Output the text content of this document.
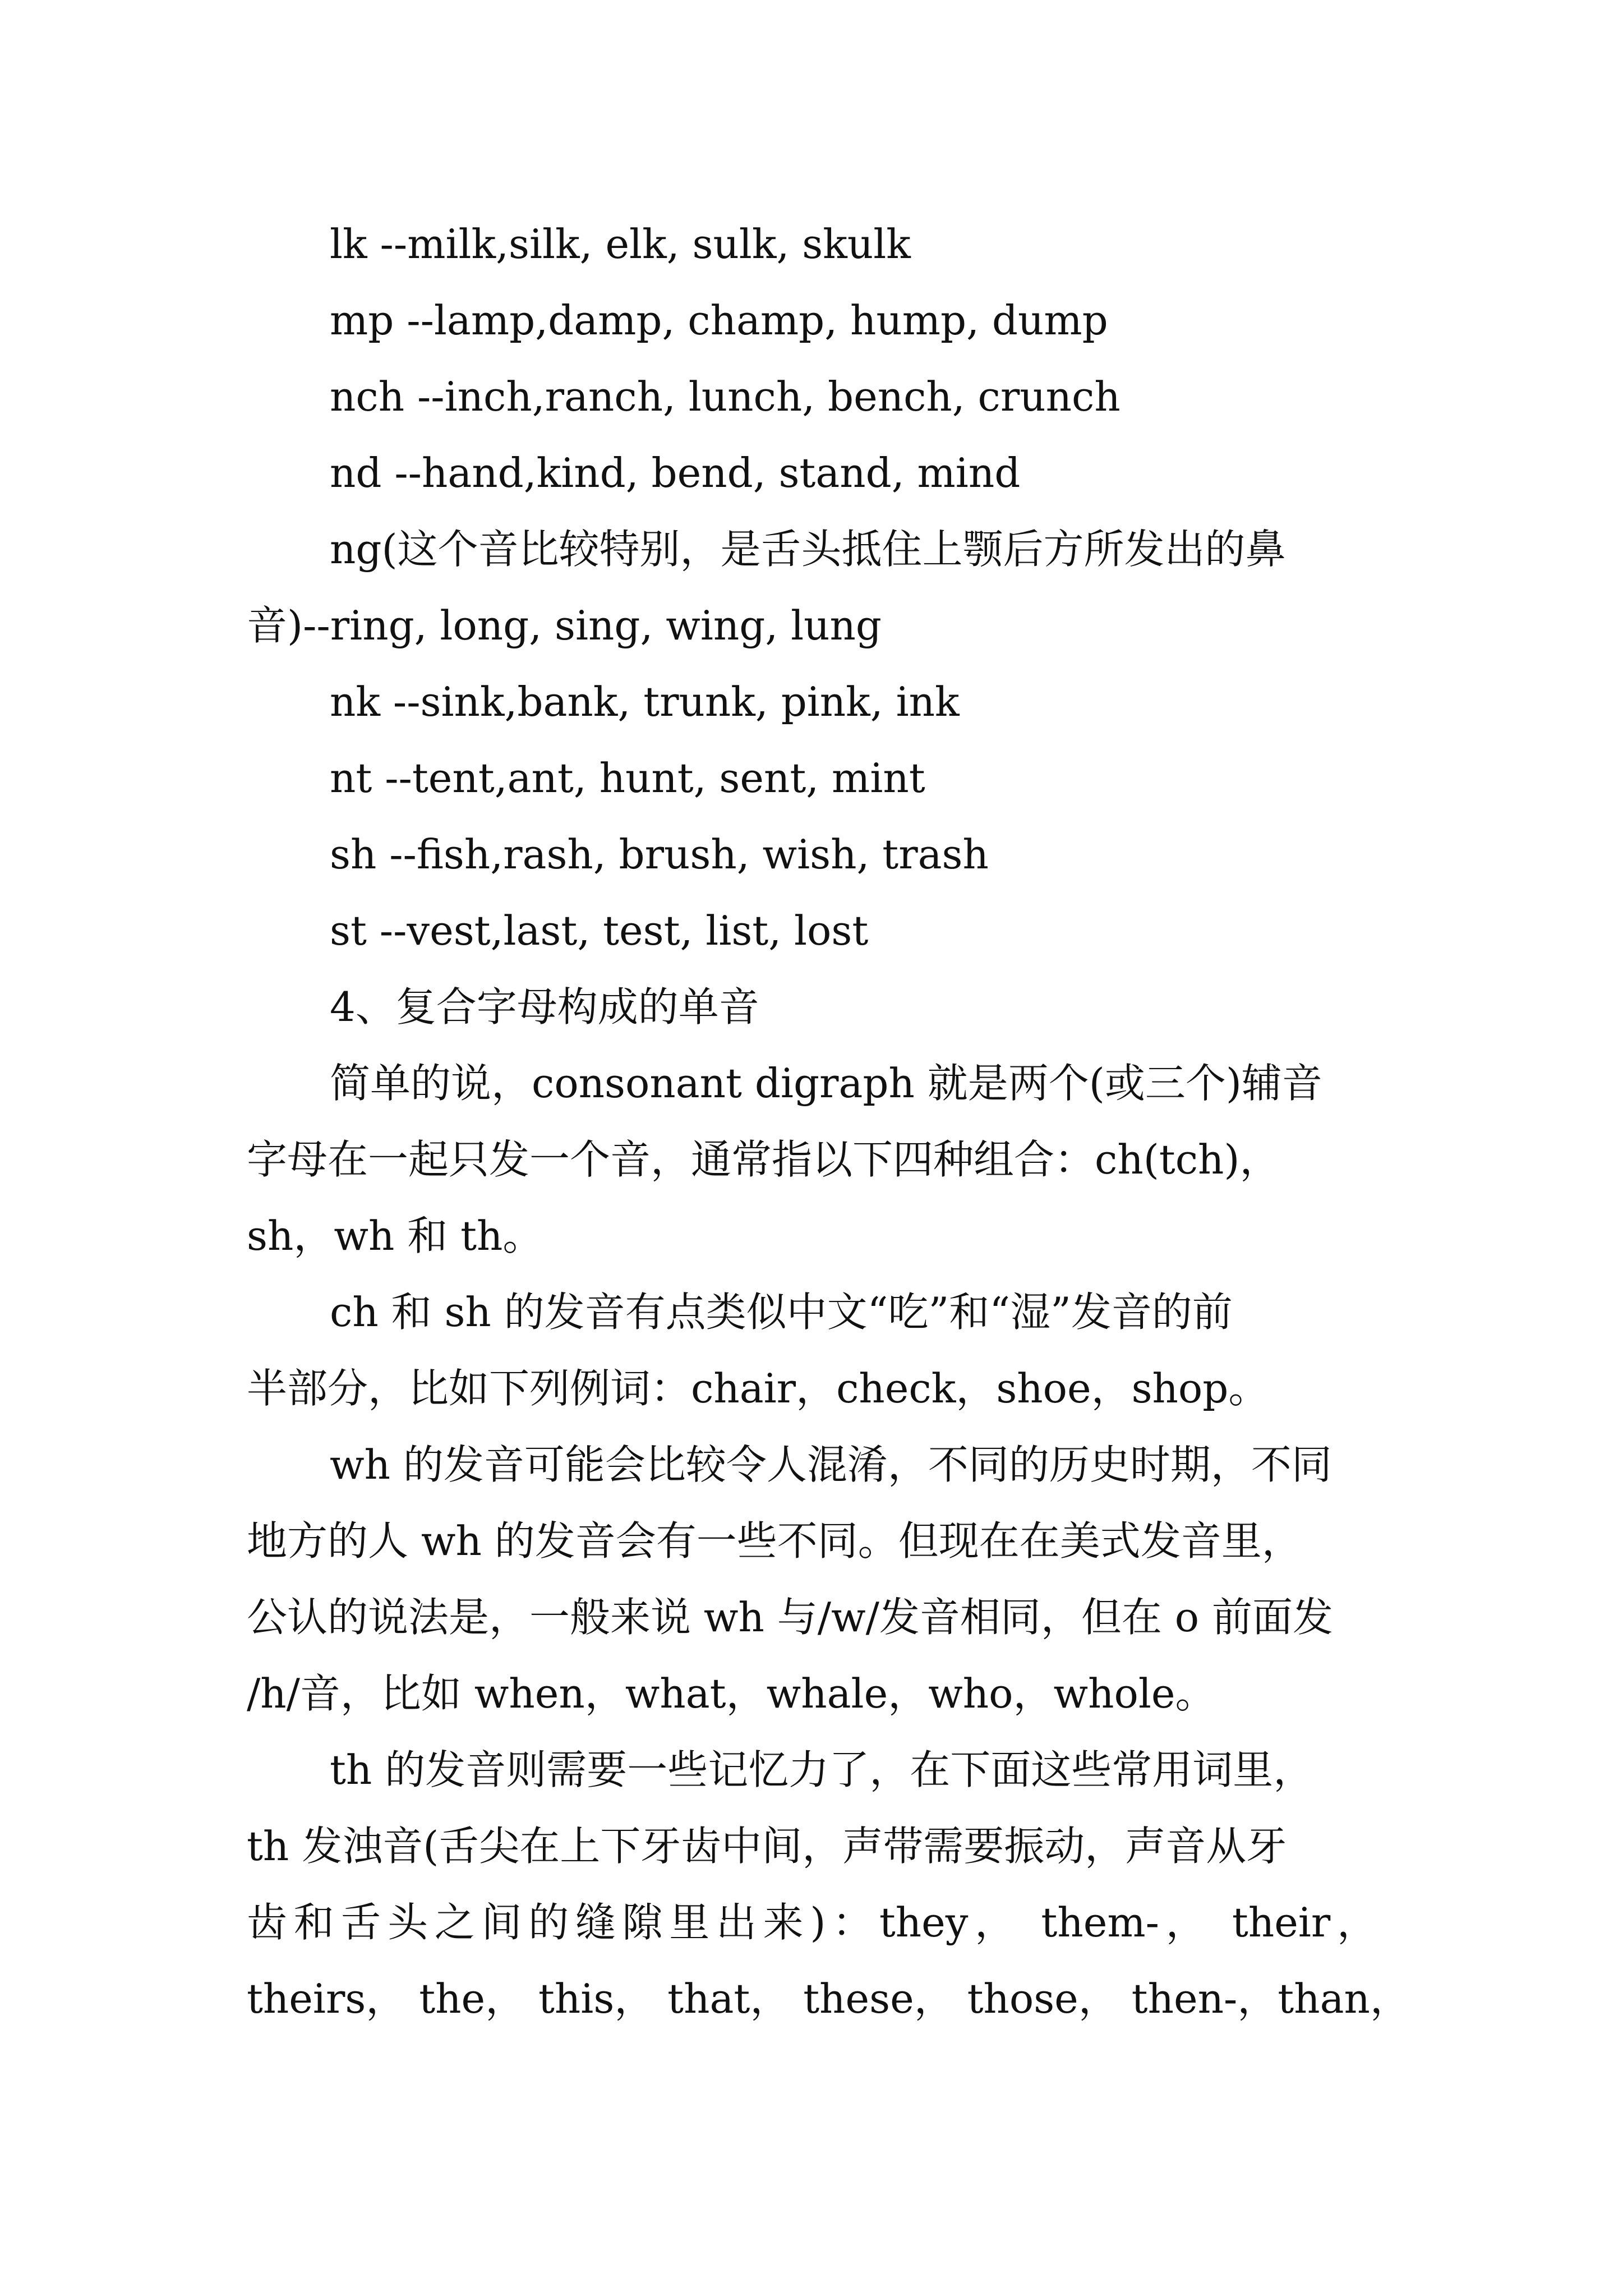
lk --milk,silk, elk, sulk, skulk

mp --lamp,damp, champ, hump, dump

nch --inch,ranch, lunch, bench, crunch

nd --hand,kind, bend, stand, mind

ng(这个音比较特别，是舌头抵住上颚后方所发出的鼻

音)--ring, long, sing, wing, lung

nk --sink,bank, trunk, pink, ink

nt --tent,ant, hunt, sent, mint

sh --fish,rash, brush, wish, trash

st --vest,last, test, list, lost

4、复合字母构成的单音

简单的说，consonant digraph 就是两个(或三个)辅音

字母在一起只发一个音，通常指以下四种组合：ch(tch)，

sh，wh 和 th。

ch 和 sh 的发音有点类似中文“吃”和“湿”发音的前

半部分，比如下列例词：chair，check，shoe，shop。

wh 的发音可能会比较令人混淆，不同的历史时期，不同

地方的人 wh 的发音会有一些不同。但现在在美式发音里，

公认的说法是，一般来说 wh 与/w/发音相同，但在 o 前面发

/h/音，比如 when，what，whale，who，whole。

th 的发音则需要一些记忆力了，在下面这些常用词里，

th 发浊音(舌尖在上下牙齿中间，声带需要振动，声音从牙

齿和舌头之间的缝隙里出来)：they， them-， their，

theirs， the， this， that， these， those， then-，than，
